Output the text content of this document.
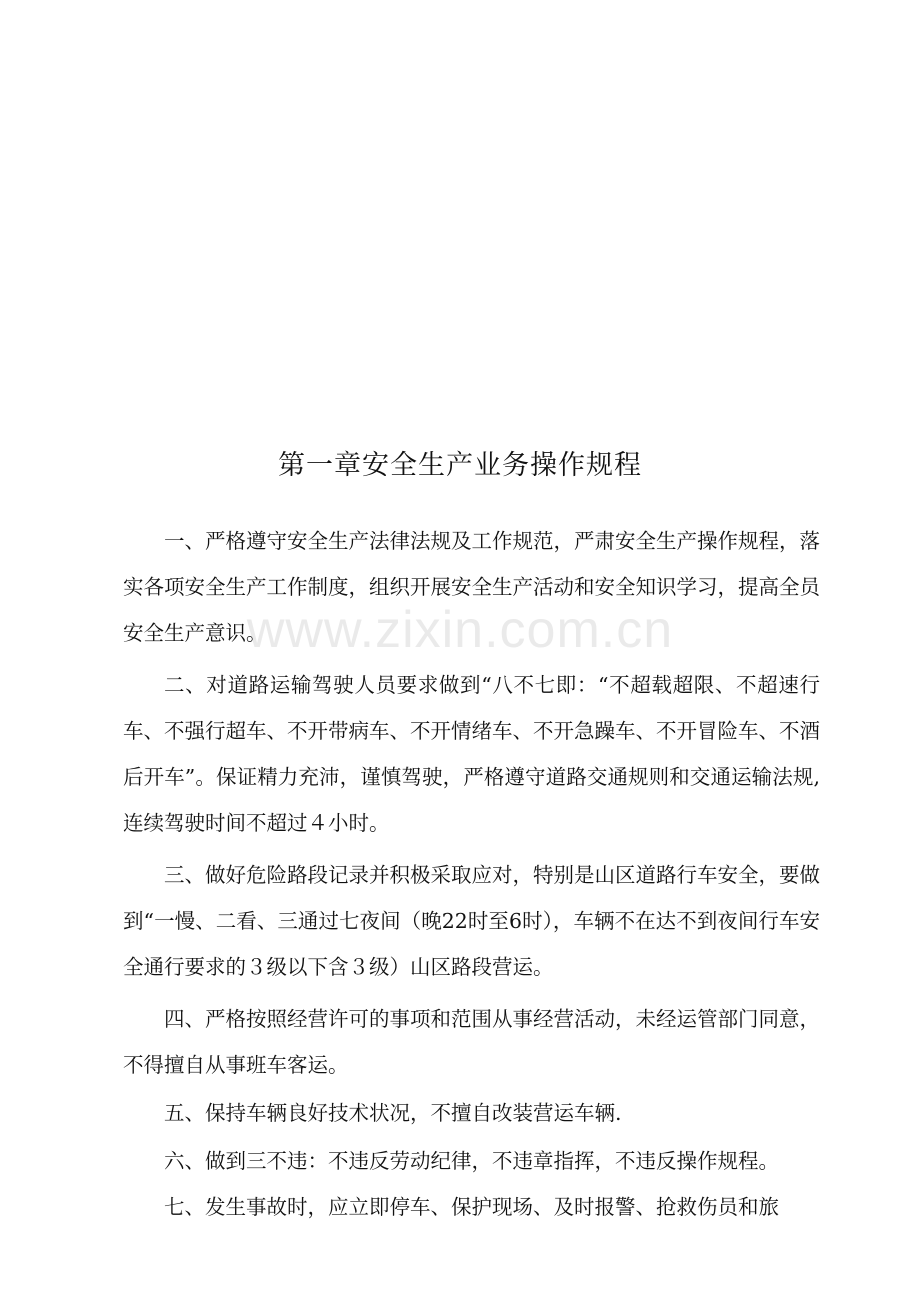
第一章安全生产业务操作规程
www.zixin.com.cn

一、严格遵守安全生产法律法规及工作规范，严肃安全生产操作规程，落实各项安全生产工作制度，组织开展安全生产活动和安全知识学习，提高全员安全生产意识。

二、对道路运输驾驶人员要求做到“八不七即：“不超载超限、不超速行车、不强行超车、不开带病车、不开情绪车、不开急躁车、不开冒险车、不酒后开车”。保证精力充沛，谨慎驾驶，严格遵守道路交通规则和交通运输法规,连续驾驶时间不超过４小时。

三、做好危险路段记录并积极采取应对，特别是山区道路行车安全，要做到“一慢、二看、三通过七夜间（晚22时至6时），车辆不在达不到夜间行车安全通行要求的３级以下含３级）山区路段营运。

四、严格按照经营许可的事项和范围从事经营活动，未经运管部门同意，不得擅自从事班车客运。

五、保持车辆良好技术状况，不擅自改装营运车辆.

六、做到三不违：不违反劳动纪律，不违章指挥，不违反操作规程。

七、发生事故时，应立即停车、保护现场、及时报警、抢救伤员和旅
